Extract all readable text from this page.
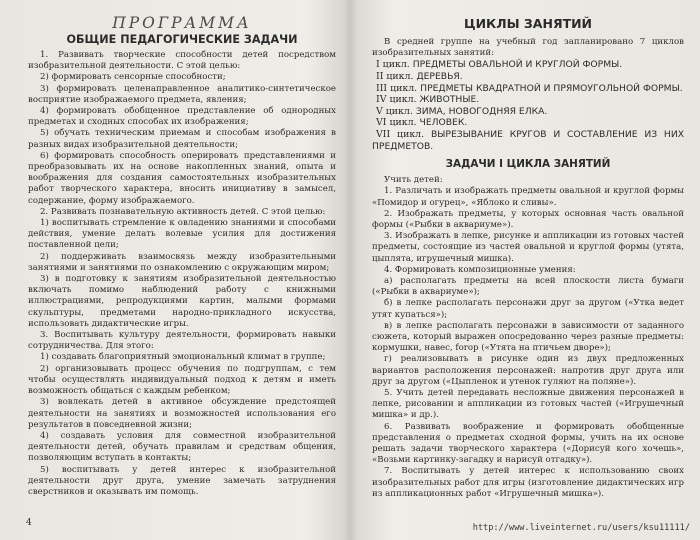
ПРОГРАММА
ОБЩИЕ ПЕДАГОГИЧЕСКИЕ ЗАДАЧИ

1. Развивать творческие способности детей посредством изобразительной деятельности. С этой целью:

2) формировать сенсорные способности;

3) формировать целенаправленное аналитико-синтетическое восприятие изображаемого предмета, явления;

4) формировать обобщенное представление об однородных предметах и сходных способах их изображения;

5) обучать техническим приемам и способам изображения в разных видах изобразительной деятельности;

6) формировать способность оперировать представлениями и преобразовывать их на основе накопленных знаний, опыта и воображения для создания самостоятельных изобразительных работ творческого характера, вносить инициативу в замысел, содержание, форму изображаемого.

2. Развивать познавательную активность детей. С этой целью:

1) воспитывать стремление к овладению знаниями и способами действия, умение делать волевые усилия для достижения поставленной цели;

2) поддерживать взаимосвязь между изобразительными занятиями и занятиями по ознакомлению с окружающим миром;

3) в подготовку к занятиям изобразительной деятельностью включать помимо наблюдений работу с книжными иллюстрациями, репродукциями картин, малыми формами скульптуры, предметами народно-прикладного искусства, использовать дидактические игры.

3. Воспитывать культуру деятельности, формировать навыки сотрудничества. Для этого:

1) создавать благоприятный эмоциональный климат в группе;

2) организовывать процесс обучения по подгруппам, с тем чтобы осуществлять индивидуальный подход к детям и иметь возможность общаться с каждым ребенком;

3) вовлекать детей в активное обсуждение предстоящей деятельности на занятиях и возможностей использования его результатов в повседневной жизни;

4) создавать условия для совместной изобразительной деятельности детей, обучать правилам и средствам общения, позволяющим вступать в контакты;

5) воспитывать у детей интерес к изобразительной деятельности друг друга, умение замечать затруднения сверстников и оказывать им помощь.

4
ЦИКЛЫ ЗАНЯТИЙ

В средней группе на учебный год запланировано 7 циклов изобразительных занятий:

I цикл. ПРЕДМЕТЫ ОВАЛЬНОЙ И КРУГЛОЙ ФОРМЫ.

II цикл. ДЕРЕВЬЯ.

III цикл. ПРЕДМЕТЫ КВАДРАТНОЙ И ПРЯМОУГОЛЬНОЙ ФОРМЫ.

IV цикл. ЖИВОТНЫЕ.

V цикл. ЗИМА, НОВОГОДНЯЯ ЕЛКА.

VI цикл. ЧЕЛОВЕК.

VII цикл. ВЫРЕЗЫВАНИЕ КРУГОВ И СОСТАВЛЕНИЕ ИЗ НИХ ПРЕДМЕТОВ.

ЗАДАЧИ I ЦИКЛА ЗАНЯТИЙ

Учить детей:

1. Различать и изображать предметы овальной и круглой формы «Помидор и огурец», «Яблоко и сливы».

2. Изображать предметы, у которых основная часть овальной формы («Рыбки в аквариуме»).

3. Изображать в лепке, рисунке и аппликации из готовых частей предметы, состоящие из частей овальной и круглой формы (утята, цыплята, игрушечный мишка).

4. Формировать композиционные умения:

а) располагать предметы на всей плоскости листа бумаги («Рыбки в аквариуме»);

б) в лепке располагать персонажи друг за другом («Утка ведет утят купаться»);

в) в лепке располагать персонажи в зависимости от заданного сюжета, который выражен опосредованно через разные предметы: кормушки, навес, forop («Утята на птичьем дворе»);

г) реализовывать в рисунке один из двух предложенных вариантов расположения персонажей: напротив друг друга или друг за другом («Цыпленок и утенок гуляют на поляне»).

5. Учить детей передавать несложные движения персонажей в лепке, рисовании и аппликации из готовых частей («Игрушечный мишка» и др.).

6. Развивать воображение и формировать обобщенные представления о предметах сходной формы, учить на их основе решать задачи творческого характера («Дорисуй кого хочешь», «Возьми картинку-загадку и нарисуй отгадку»).

7. Воспитывать у детей интерес к использованию своих изобразительных работ для игры (изготовление дидактических игр из аппликационных работ «Игрушечный мишка»).

http://www.liveinternet.ru/users/ksu11111/
